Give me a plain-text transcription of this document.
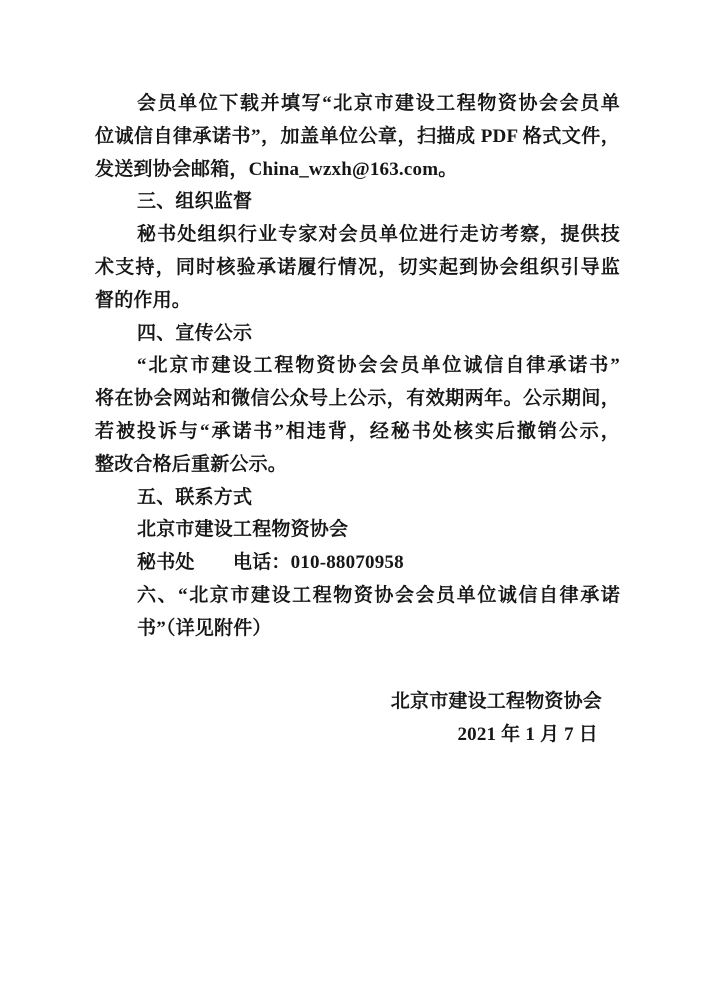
会员单位下载并填写“北京市建设工程物资协会会员单
位诚信自律承诺书”，加盖单位公章，扫描成 PDF 格式文件，
发送到协会邮箱，China_wzxh@163.com。
三、组织监督
秘书处组织行业专家对会员单位进行走访考察，提供技
术支持，同时核验承诺履行情况，切实起到协会组织引导监
督的作用。
四、宣传公示
“北京市建设工程物资协会会员单位诚信自律承诺书”
将在协会网站和微信公众号上公示，有效期两年。公示期间，
若被投诉与“承诺书”相违背，经秘书处核实后撤销公示，
整改合格后重新公示。
五、联系方式
北京市建设工程物资协会
秘书处　　电话：010-88070958
六、“北京市建设工程物资协会会员单位诚信自律承诺
书”（详见附件）
北京市建设工程物资协会
2021 年 1 月 7 日
